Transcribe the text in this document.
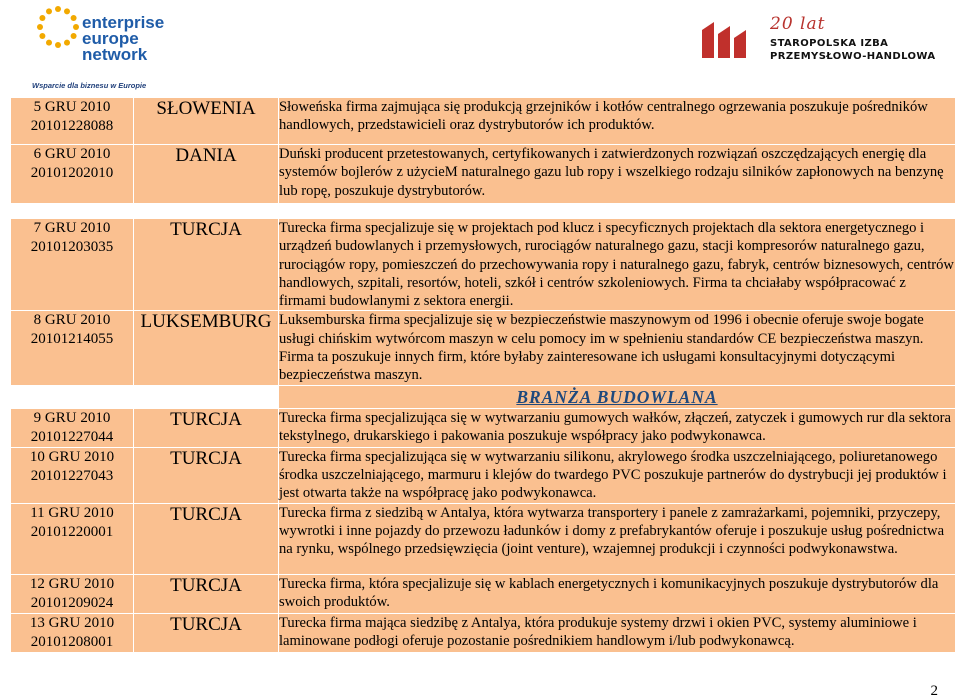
enterprise
europe
network
Wsparcie dla biznesu w Europie
20 lat
STAROPOLSKA IZBA
PRZEMYSŁOWO-HANDLOWA
5 GRU 2010
20101228088	SŁOWENIA	Słoweńska firma zajmująca się produkcją grzejników i kotłów centralnego ogrzewania poszukuje pośredników handlowych, przedstawicieli oraz dystrybutorów ich produktów.

6 GRU 2010
20101202010	DANIA	Duński producent przetestowanych, certyfikowanych i zatwierdzonych rozwiązań oszczędzających energię dla systemów bojlerów z użycieM naturalnego gazu lub ropy i wszelkiego rodzaju silników zapłonowych na benzynę lub ropę, poszukuje dystrybutorów.
7 GRU 2010
20101203035	TURCJA	Turecka firma specjalizuje się w projektach pod klucz i specyficznych projektach dla sektora energetycznego i urządzeń budowlanych i przemysłowych, rurociągów naturalnego gazu, stacji kompresorów naturalnego gazu, rurociągów ropy, pomieszczeń do przechowywania ropy i naturalnego gazu, fabryk, centrów biznesowych, centrów handlowych, szpitali, resortów, hoteli, szkół i centrów szkoleniowych. Firma ta chciałaby współpracować z firmami budowlanymi z sektora energii.

8 GRU 2010
20101214055	LUKSEMBURG	Luksemburska firma specjalizuje się w bezpieczeństwie maszynowym od 1996 i obecnie oferuje swoje bogate usługi chińskim wytwórcom maszyn w celu pomocy im w spełnieniu standardów CE bezpieczeństwa maszyn. Firma ta poszukuje innych firm, które byłaby zainteresowane ich usługami konsultacyjnymi dotyczącymi bezpieczeństwa maszyn.
		BRANŻA BUDOWLANA

9 GRU 2010
20101227044	TURCJA	Turecka firma specjalizująca się w wytwarzaniu gumowych wałków, złączeń, zatyczek i gumowych rur dla sektora tekstylnego, drukarskiego i pakowania poszukuje współpracy jako podwykonawca.

10 GRU 2010
20101227043	TURCJA	Turecka firma specjalizująca się w wytwarzaniu silikonu, akrylowego środka uszczelniającego, poliuretanowego środka uszczelniającego, marmuru i klejów do twardego PVC poszukuje partnerów do dystrybucji jej produktów i jest otwarta także na współpracę jako podwykonawca.

11 GRU 2010
20101220001	TURCJA	Turecka firma z siedzibą w Antalya, która wytwarza transportery i panele z zamrażarkami, pojemniki, przyczepy, wywrotki i inne pojazdy do przewozu ładunków i domy z prefabrykantów oferuje i poszukuje usług pośrednictwa na rynku, wspólnego przedsięwzięcia (joint venture), wzajemnej produkcji i czynności podwykonawstwa.

12 GRU 2010
20101209024	TURCJA	Turecka firma, która specjalizuje się w kablach energetycznych i komunikacyjnych poszukuje dystrybutorów dla swoich produktów.

13 GRU 2010
20101208001	TURCJA	Turecka firma mająca siedzibę z Antalya, która produkuje systemy drzwi i okien PVC, systemy aluminiowe i laminowane podłogi oferuje pozostanie pośrednikiem handlowym i/lub podwykonawcą.
2
